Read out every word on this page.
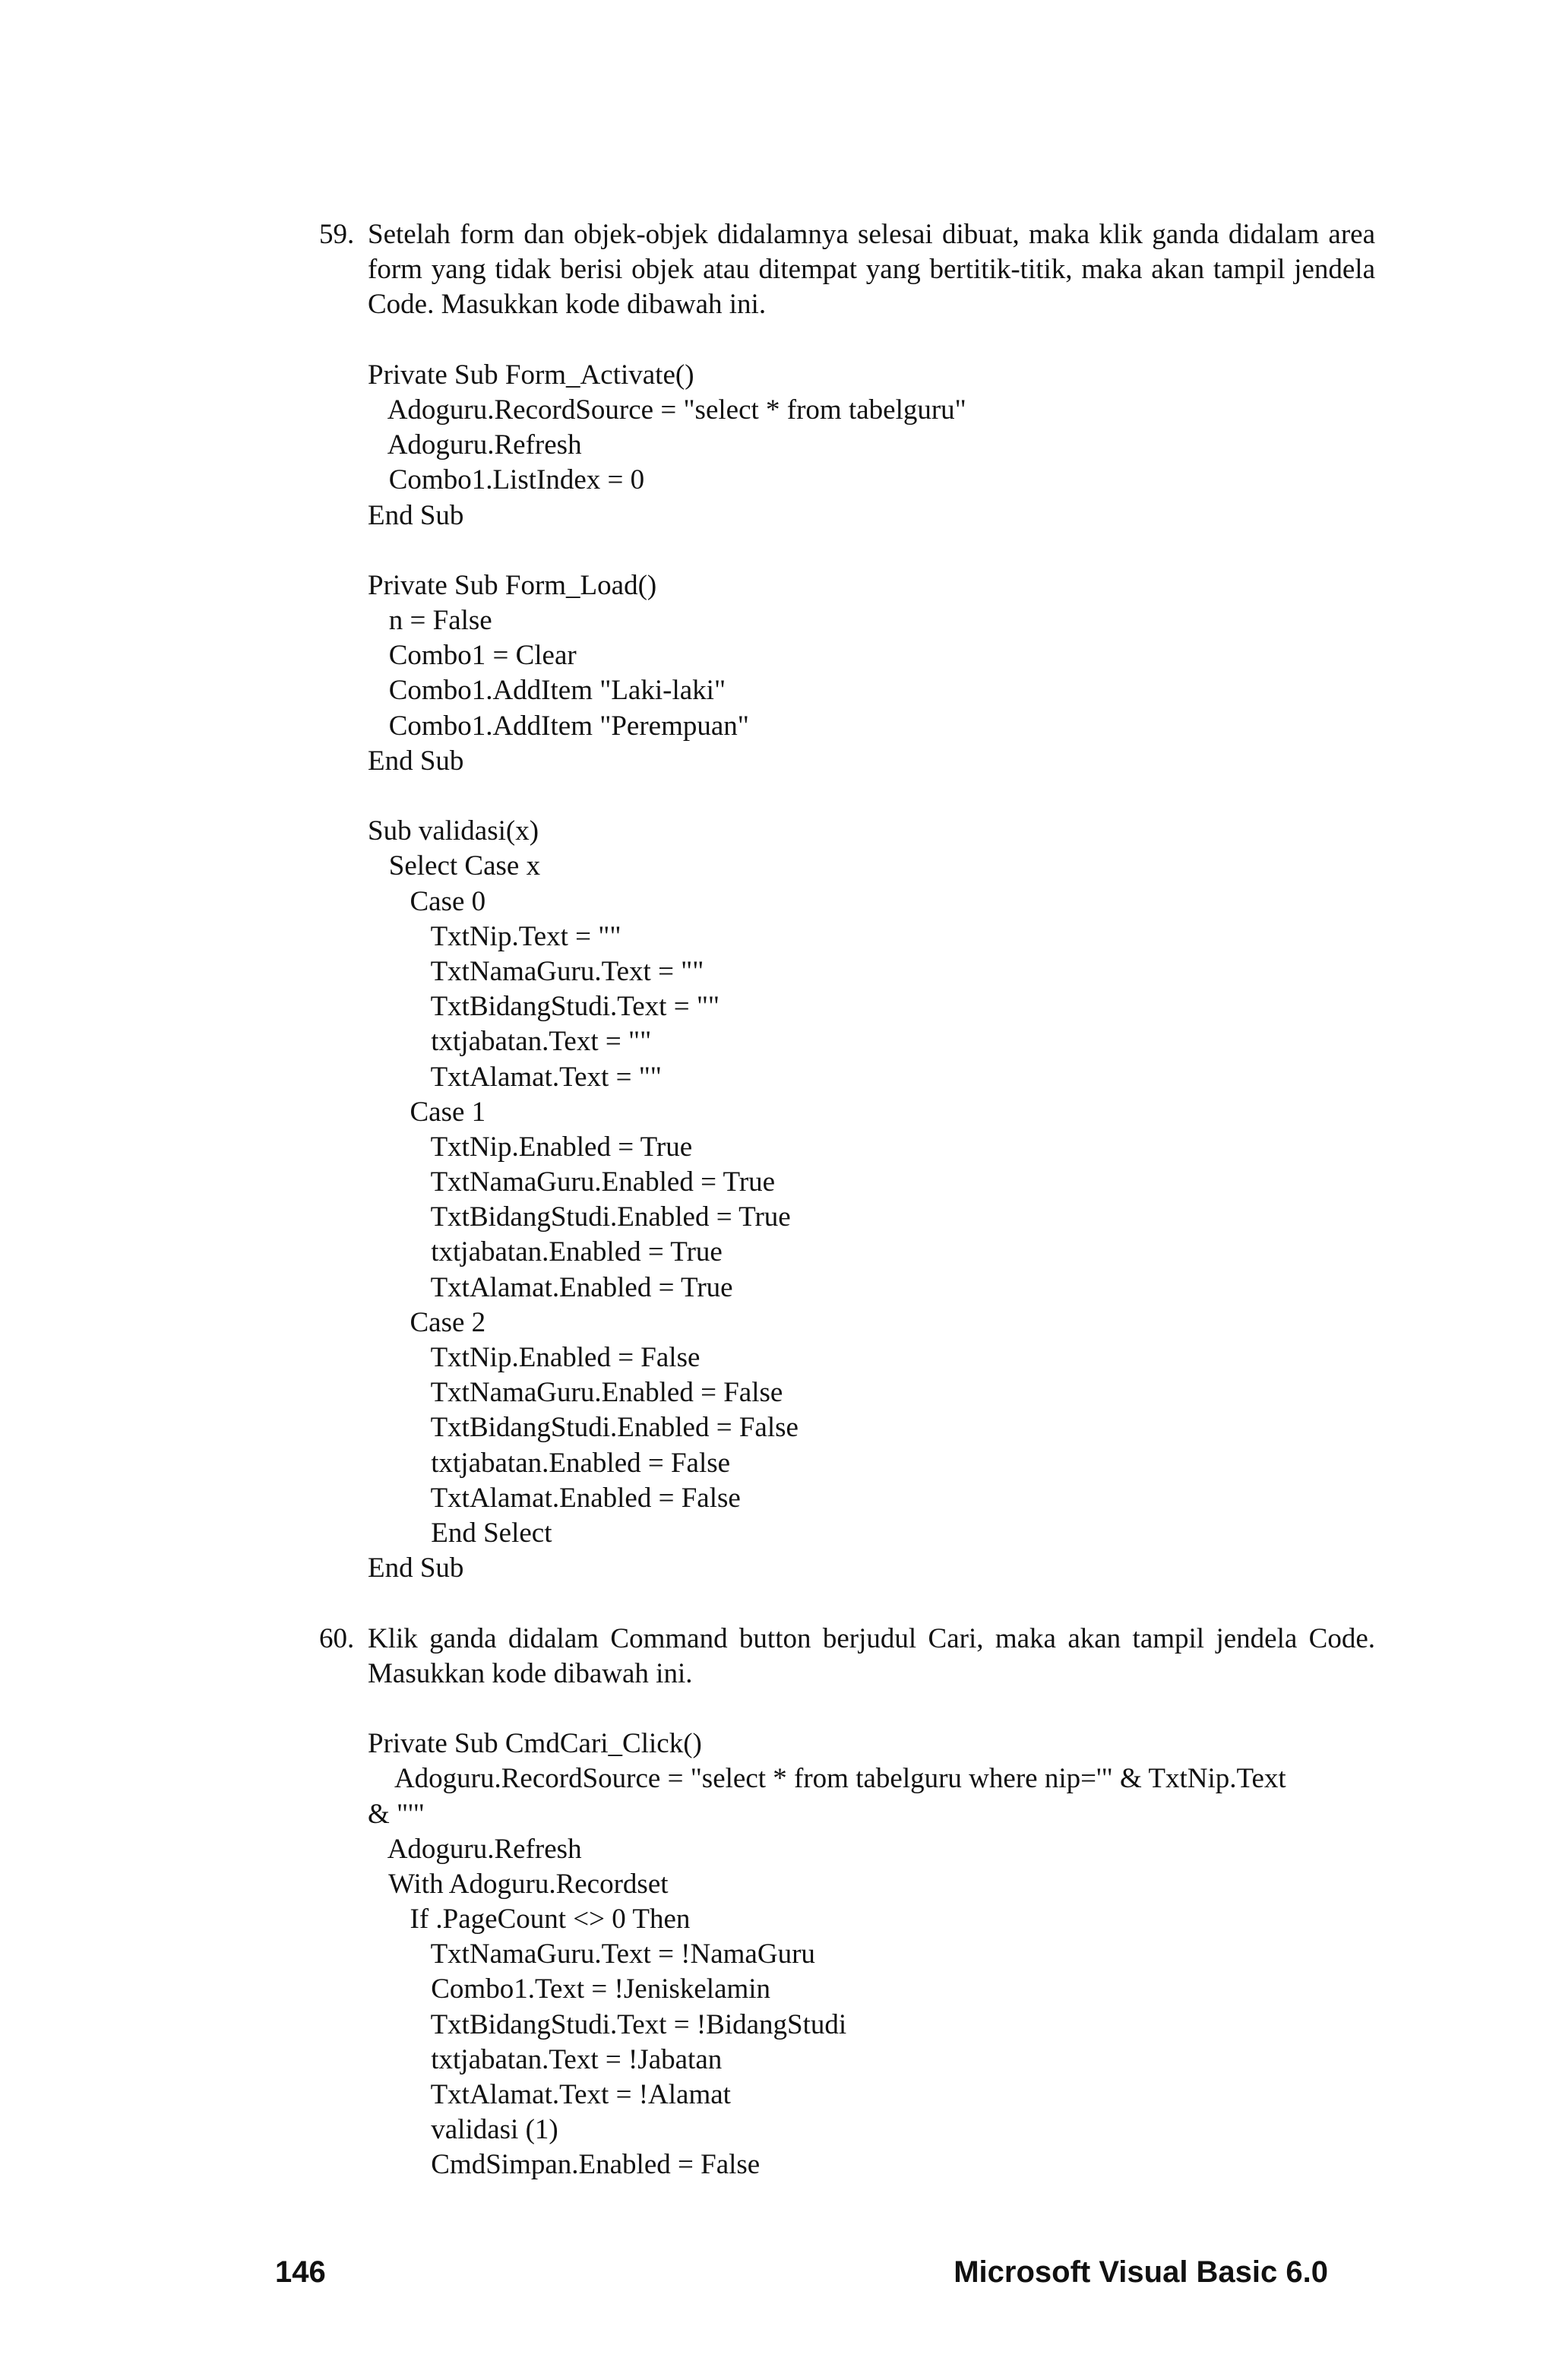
59. Setelah form dan objek-objek didalamnya selesai dibuat, maka klik ganda didalam area form yang tidak berisi objek atau ditempat yang bertitik-titik, maka akan tampil jendela Code. Masukkan kode dibawah ini.
Private Sub Form_Activate()
Adoguru.RecordSource = "select * from tabelguru"
Adoguru.Refresh
Combo1.ListIndex = 0
End Sub
Private Sub Form_Load()
n = False
Combo1 = Clear
Combo1.AddItem "Laki-laki"
Combo1.AddItem "Perempuan"
End Sub
Sub validasi(x)
Select Case x
Case 0
TxtNip.Text = ""
TxtNamaGuru.Text = ""
TxtBidangStudi.Text = ""
txtjabatan.Text = ""
TxtAlamat.Text = ""
Case 1
TxtNip.Enabled = True
TxtNamaGuru.Enabled = True
TxtBidangStudi.Enabled = True
txtjabatan.Enabled = True
TxtAlamat.Enabled = True
Case 2
TxtNip.Enabled = False
TxtNamaGuru.Enabled = False
TxtBidangStudi.Enabled = False
txtjabatan.Enabled = False
TxtAlamat.Enabled = False
End Select
End Sub
60. Klik ganda didalam Command button berjudul Cari, maka akan tampil jendela Code. Masukkan kode dibawah ini.
Private Sub CmdCari_Click()
Adoguru.RecordSource = "select * from tabelguru where nip='" & TxtNip.Text
& "'"
Adoguru.Refresh
With Adoguru.Recordset
If .PageCount <> 0 Then
TxtNamaGuru.Text = !NamaGuru
Combo1.Text = !Jeniskelamin
TxtBidangStudi.Text = !BidangStudi
txtjabatan.Text = !Jabatan
TxtAlamat.Text = !Alamat
validasi (1)
CmdSimpan.Enabled = False
146	Microsoft Visual Basic 6.0
